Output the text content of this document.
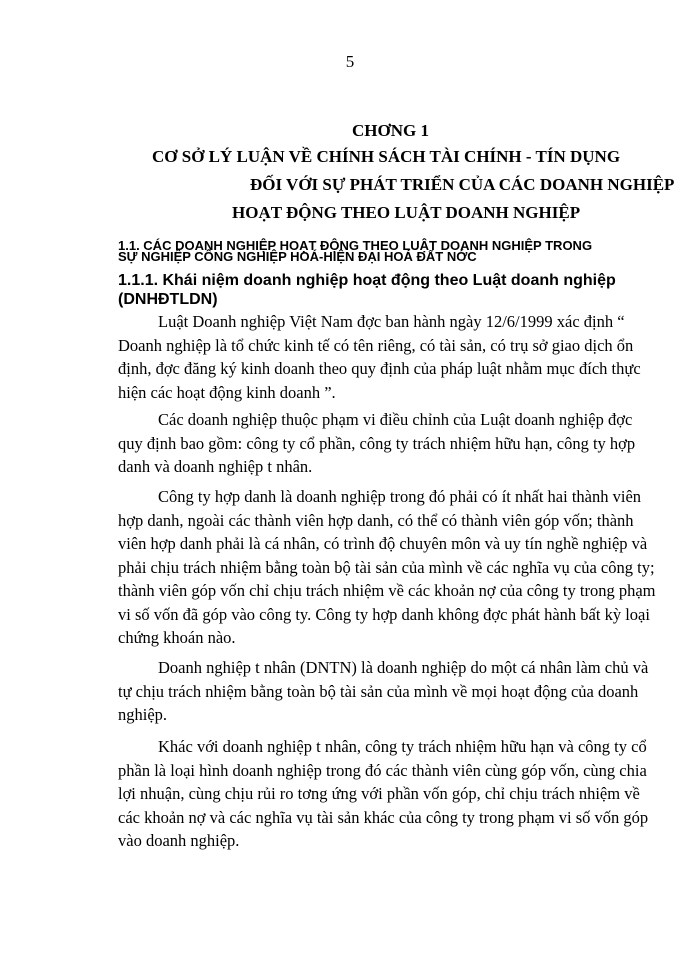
5
CHƠNG 1
CƠ SỞ LÝ LUẬN VỀ CHÍNH SÁCH TÀI CHÍNH - TÍN DỤNG
ĐỐI VỚI SỰ PHÁT TRIỂN CỦA CÁC DOANH NGHIỆP
HOẠT ĐỘNG THEO LUẬT DOANH NGHIỆP
1.1. CÁC DOANH NGHIỆP HOẠT ĐỘNG THEO LUẬT DOANH NGHIỆP TRONG
SỰ NGHIỆP CÔNG NGHIỆP HOÁ-HIỆN ĐẠI HOÁ ĐẤT NỚC
1.1.1. Khái niệm doanh nghiệp hoạt động theo Luật doanh nghiệp (DNHĐTLDN)

Luật Doanh nghiệp Việt Nam đợc ban hành ngày 12/6/1999 xác định “ Doanh nghiệp là tổ chức kinh tế có tên riêng, có tài sản, có trụ sở giao dịch ổn định, đợc đăng ký kinh doanh theo quy định của pháp luật nhằm mục đích thực hiện các hoạt động kinh doanh ”.

Các doanh nghiệp thuộc phạm vi điều chỉnh của Luật doanh nghiệp đợc quy định bao gồm: công ty cổ phần, công ty trách nhiệm hữu hạn, công ty hợp danh và doanh nghiệp t nhân.

Công ty hợp danh là doanh nghiệp trong đó phải có ít nhất hai thành viên hợp danh, ngoài các thành viên hợp danh, có thể có thành viên góp vốn; thành viên hợp danh phải là cá nhân, có trình độ chuyên môn và uy tín nghề nghiệp và phải chịu trách nhiệm bằng toàn bộ tài sản của mình về các nghĩa vụ của công ty; thành viên góp vốn chỉ chịu trách nhiệm về các khoản nợ của công ty trong phạm vi số vốn đã góp vào công ty. Công ty hợp danh không đợc phát hành bất kỳ loại chứng khoán nào.

Doanh nghiệp t nhân (DNTN) là doanh nghiệp do một cá nhân làm chủ và tự chịu trách nhiệm bằng toàn bộ tài sản của mình về mọi hoạt động của doanh nghiệp.

Khác với doanh nghiệp t nhân, công ty trách nhiệm hữu hạn và công ty cổ phần là loại hình doanh nghiệp trong đó các thành viên cùng góp vốn, cùng chia lợi nhuận, cùng chịu rủi ro tơng ứng với phần vốn góp, chỉ chịu trách nhiệm về các khoản nợ và các nghĩa vụ tài sản khác của công ty trong phạm vi số vốn góp vào doanh nghiệp.
